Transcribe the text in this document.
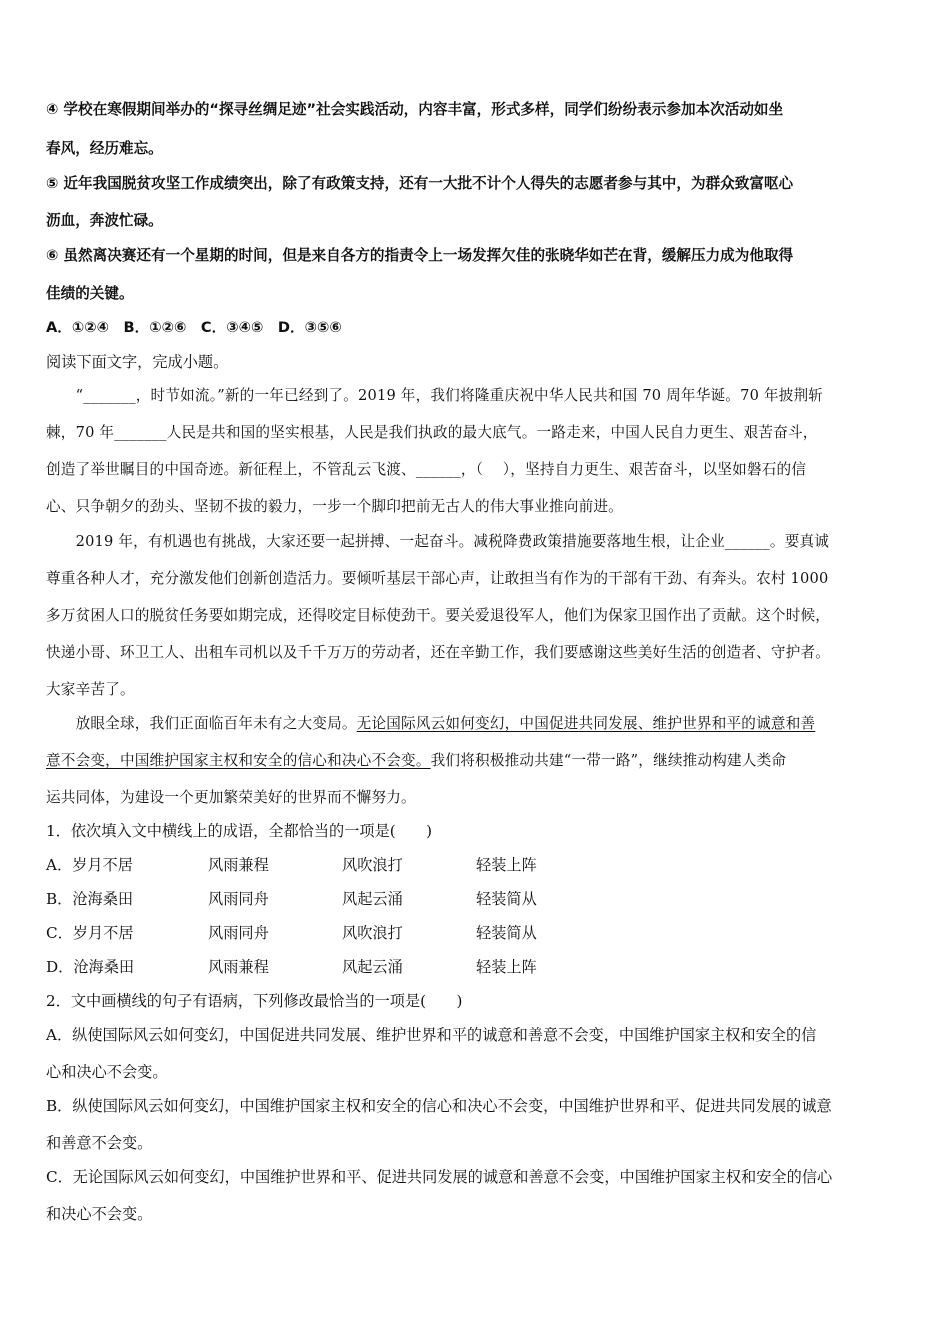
④ 学校在寒假期间举办的“探寻丝绸足迹”社会实践活动，内容丰富，形式多样，同学们纷纷表示参加本次活动如坐
春风，经历难忘。
⑤ 近年我国脱贫攻坚工作成绩突出，除了有政策支持，还有一大批不计个人得失的志愿者参与其中，为群众致富呕心
沥血，奔波忙碌。
⑥ 虽然离决赛还有一个星期的时间，但是来自各方的指责令上一场发挥欠佳的张晓华如芒在背，缓解压力成为他取得
佳绩的关键。
A．①②④　B．①②⑥　C．③④⑤　D．③⑤⑥
阅读下面文字，完成小题。
　　“_______，时节如流。”新的一年已经到了。2019 年，我们将隆重庆祝中华人民共和国 70 周年华诞。70 年披荆斩
棘，70 年_______人民是共和国的坚实根基，人民是我们执政的最大底气。一路走来，中国人民自力更生、艰苦奋斗，
创造了举世瞩目的中国奇迹。新征程上，不管乱云飞渡、______，（　 ），坚持自力更生、艰苦奋斗，以坚如磐石的信
心、只争朝夕的劲头、坚韧不拔的毅力，一步一个脚印把前无古人的伟大事业推向前进。
　　2019 年，有机遇也有挑战，大家还要一起拼搏、一起奋斗。减税降费政策措施要落地生根，让企业______。要真诚
尊重各种人才，充分激发他们创新创造活力。要倾听基层干部心声，让敢担当有作为的干部有干劲、有奔头。农村 1000
多万贫困人口的脱贫任务要如期完成，还得咬定目标使劲干。要关爱退役军人，他们为保家卫国作出了贡献。这个时候，
快递小哥、环卫工人、出租车司机以及千千万万的劳动者，还在辛勤工作，我们要感谢这些美好生活的创造者、守护者。
大家辛苦了。
　　放眼全球，我们正面临百年未有之大变局。无论国际风云如何变幻，中国促进共同发展、维护世界和平的诚意和善
意不会变，中国维护国家主权和安全的信心和决心不会变。我们将积极推动共建“一带一路”，继续推动构建人类命
运共同体，为建设一个更加繁荣美好的世界而不懈努力。
1．依次填入文中横线上的成语，全都恰当的一项是(　　)
A．岁月不居	风雨兼程	风吹浪打	轻装上阵
B．沧海桑田	风雨同舟	风起云涌	轻装简从
C．岁月不居	风雨同舟	风吹浪打	轻装简从
D．沧海桑田	风雨兼程	风起云涌	轻装上阵
2．文中画横线的句子有语病，下列修改最恰当的一项是(　　)
A．纵使国际风云如何变幻，中国促进共同发展、维护世界和平的诚意和善意不会变，中国维护国家主权和安全的信
心和决心不会变。
B．纵使国际风云如何变幻，中国维护国家主权和安全的信心和决心不会变，中国维护世界和平、促进共同发展的诚意
和善意不会变。
C．无论国际风云如何变幻，中国维护世界和平、促进共同发展的诚意和善意不会变，中国维护国家主权和安全的信心
和决心不会变。
